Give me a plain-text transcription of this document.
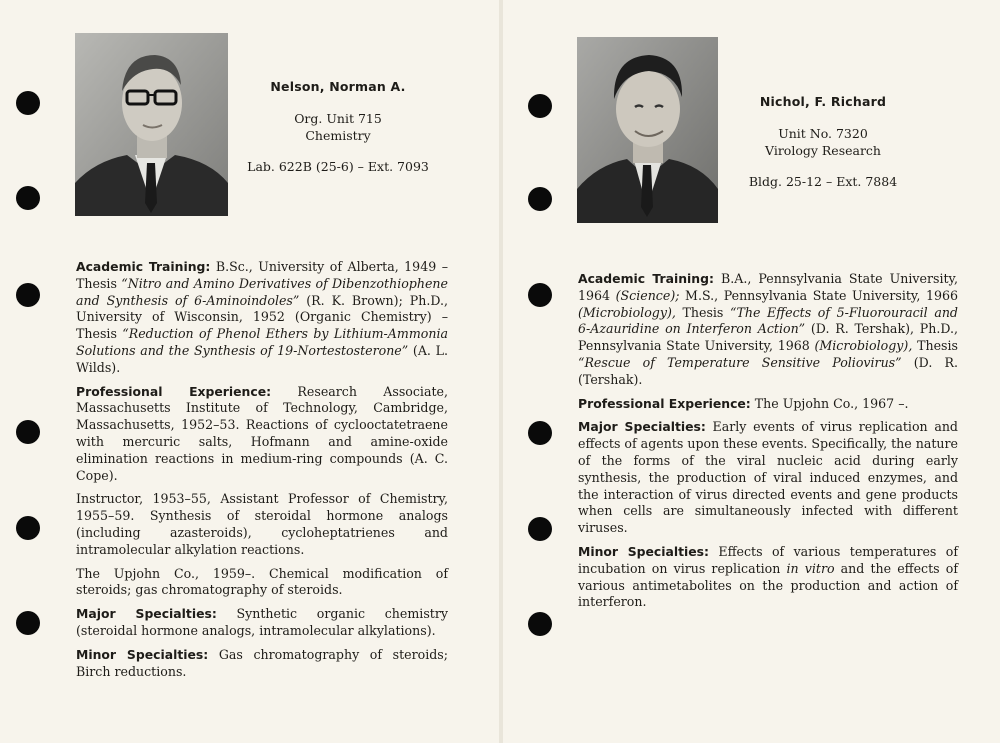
Nelson, Norman A.
Org. Unit 715
Chemistry
Lab. 622B (25-6) – Ext. 7093

Academic Training: B.Sc., University of Alberta, 1949 – Thesis “Nitro and Amino Derivatives of Dibenzothiophene and Synthesis of 6-Aminoindoles” (R. K. Brown); Ph.D., University of Wisconsin, 1952 (Organic Chemistry) – Thesis “Reduction of Phenol Ethers by Lithium-Ammonia Solutions and the Synthesis of 19-Nortestosterone” (A. L. Wilds).

Professional Experience: Research Associate, Massachusetts Institute of Technology, Cambridge, Massachusetts, 1952–53. Reactions of cyclooctatetraene with mercuric salts, Hofmann and amine-oxide elimination reactions in medium-ring compounds (A. C. Cope).

Instructor, 1953–55, Assistant Professor of Chemistry, 1955–59. Synthesis of steroidal hormone analogs (including azasteroids), cycloheptatrienes and intramolecular alkylation reactions.

The Upjohn Co., 1959–. Chemical modification of steroids; gas chromatography of steroids.

Major Specialties: Synthetic organic chemistry (steroidal hormone analogs, intramolecular alkylations).

Minor Specialties: Gas chromatography of steroids; Birch reductions.

Nichol, F. Richard
Unit No. 7320
Virology Research
Bldg. 25-12 – Ext. 7884

Academic Training: B.A., Pennsylvania State University, 1964 (Science); M.S., Pennsylvania State University, 1966 (Microbiology), Thesis “The Effects of 5-Fluorouracil and 6-Azauridine on Interferon Action” (D. R. Tershak), Ph.D., Pennsylvania State University, 1968 (Microbiology), Thesis “Rescue of Temperature Sensitive Poliovirus” (D. R. (Tershak).

Professional Experience: The Upjohn Co., 1967 –.

Major Specialties: Early events of virus replication and effects of agents upon these events. Specifically, the nature of the forms of the viral nucleic acid during early synthesis, the production of viral induced enzymes, and the interaction of virus directed events and gene products when cells are simultaneously infected with different viruses.

Minor Specialties: Effects of various temperatures of incubation on virus replication in vitro and the effects of various antimetabolites on the production and action of interferon.
